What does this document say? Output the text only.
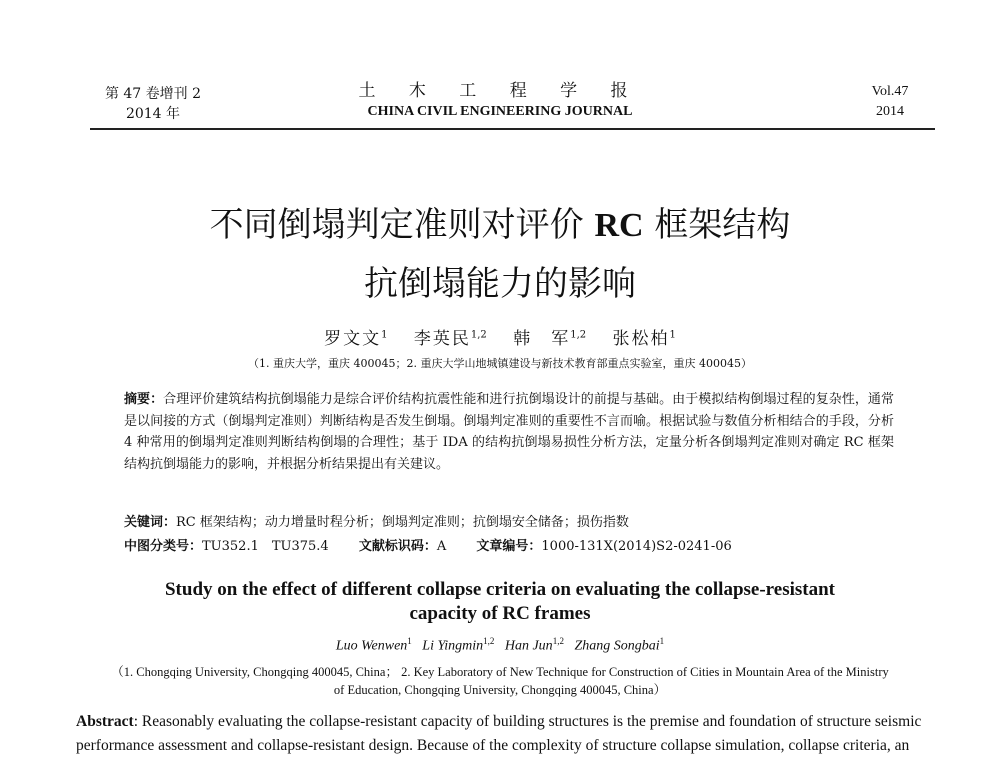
第 47 卷增刊 2
2014 年
土 木 工 程 学 报
CHINA CIVIL ENGINEERING JOURNAL
Vol.47
2014
不同倒塌判定准则对评价 RC 框架结构
抗倒塌能力的影响
罗文文$^1$　 李英民$^{1,2}$　 韩　军$^{1,2}$　 张松柏$^1$
（1. 重庆大学，重庆 400045；2. 重庆大学山地城镇建设与新技术教育部重点实验室，重庆 400045）
摘要：合理评价建筑结构抗倒塌能力是综合评价结构抗震性能和进行抗倒塌设计的前提与基础。由于模拟结构倒塌过程的复杂性，通常是以间接的方式（倒塌判定准则）判断结构是否发生倒塌。倒塌判定准则的重要性不言而喻。根据试验与数值分析相结合的手段，分析 4 种常用的倒塌判定准则判断结构倒塌的合理性；基于 IDA 的结构抗倒塌易损性分析方法，定量分析各倒塌判定准则对确定 RC 框架结构抗倒塌能力的影响，并根据分析结果提出有关建议。
关键词：RC 框架结构；动力增量时程分析；倒塌判定准则；抗倒塌安全储备；损伤指数
中图分类号：TU352.1　TU375.4　　 文献标识码：A　　 文章编号：1000-131X(2014)S2-0241-06
Study on the effect of different collapse criteria on evaluating the collapse-resistant
capacity of RC frames
Luo Wenwen$^1$ Li Yingmin$^{1,2}$ Han Jun$^{1,2}$ Zhang Songbai$^1$
（1. Chongqing University, Chongqing 400045, China； 2. Key Laboratory of New Technique for Construction of Cities in Mountain Area of the Ministry
of Education, Chongqing University, Chongqing 400045, China）
Abstract: Reasonably evaluating the collapse-resistant capacity of building structures is the premise and foundation of structure seismic
performance assessment and collapse-resistant design. Because of the complexity of structure collapse simulation, collapse criteria, an
